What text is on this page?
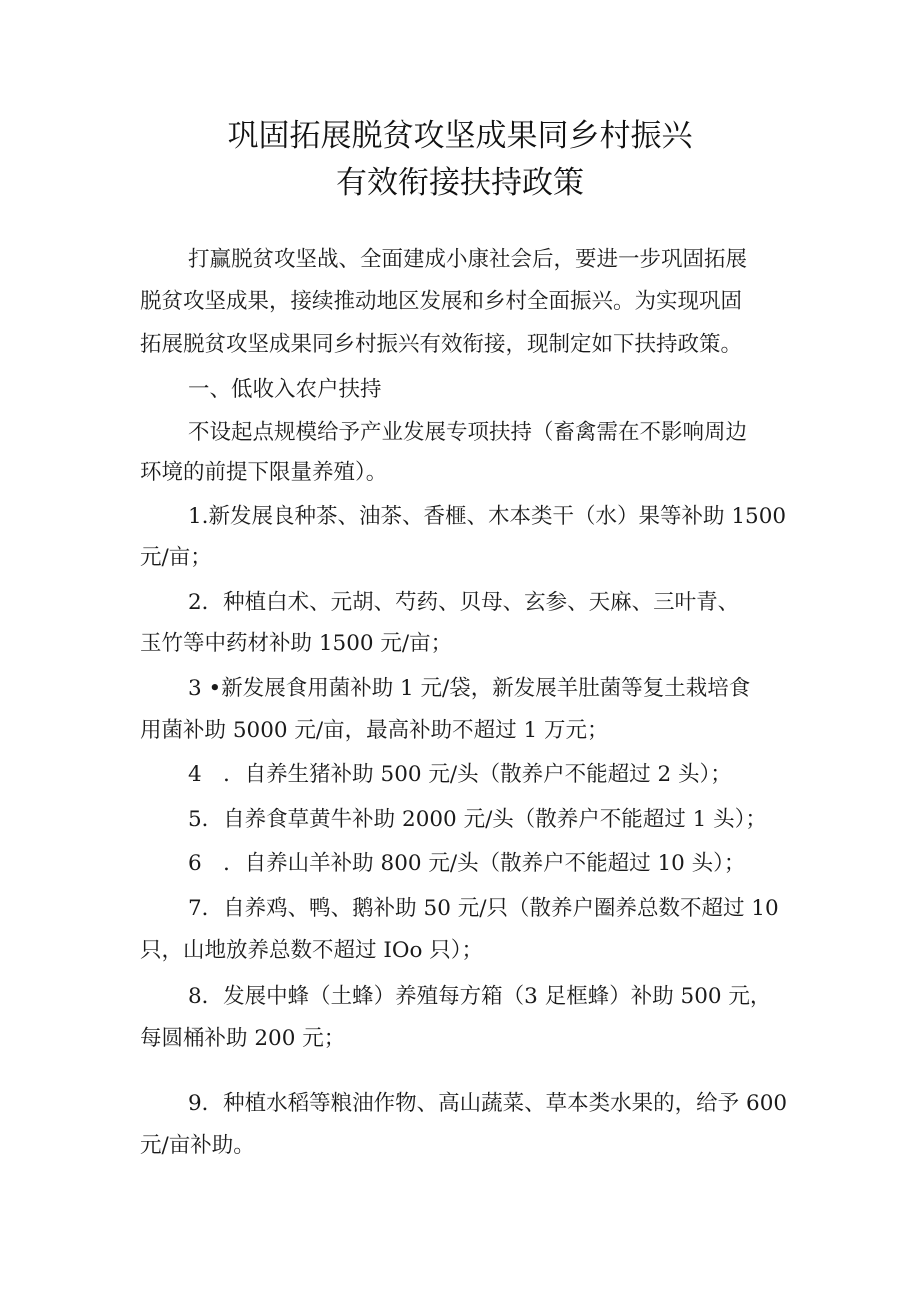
巩固拓展脱贫攻坚成果同乡村振兴
有效衔接扶持政策

打赢脱贫攻坚战、全面建成小康社会后，要进一步巩固拓展

脱贫攻坚成果，接续推动地区发展和乡村全面振兴。为实现巩固

拓展脱贫攻坚成果同乡村振兴有效衔接，现制定如下扶持政策。

一、低收入农户扶持

不设起点规模给予产业发展专项扶持（畜禽需在不影响周边

环境的前提下限量养殖）。

1.新发展良种茶、油茶、香榧、木本类干（水）果等补助 1500

元/亩；

2．种植白术、元胡、芍药、贝母、玄参、天麻、三叶青、

玉竹等中药材补助 1500 元/亩；

3 •新发展食用菌补助 1 元/袋，新发展羊肚菌等复土栽培食

用菌补助 5000 元/亩，最高补助不超过 1 万元；

4　．自养生猪补助 500 元/头（散养户不能超过 2 头）；

5．自养食草黄牛补助 2000 元/头（散养户不能超过 1 头）；

6　．自养山羊补助 800 元/头（散养户不能超过 10 头）；

7．自养鸡、鸭、鹅补助 50 元/只（散养户圈养总数不超过 10

只，山地放养总数不超过 IOo 只）；

8．发展中蜂（土蜂）养殖每方箱（3 足框蜂）补助 500 元，

每圆桶补助 200 元；

9．种植水稻等粮油作物、高山蔬菜、草本类水果的，给予 600

元/亩补助。
